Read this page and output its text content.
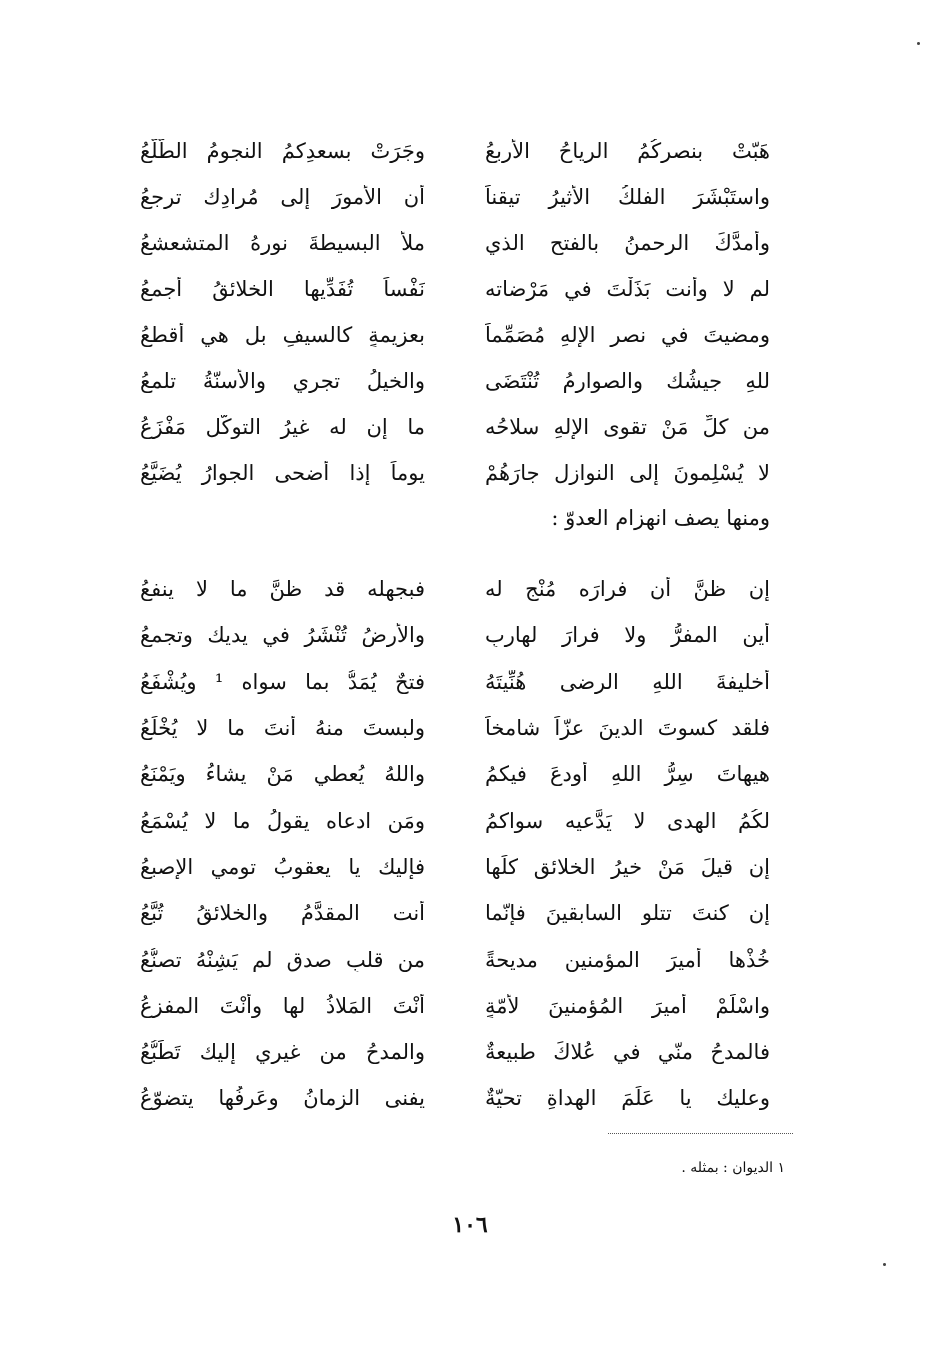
هَبّتْ بنصرِكُمُ الرياحُ الأربعُ
وجَرَتْ بسعدِكمُ النجومُ الطُّلَّعُ
واستَبْشَرَ الفلكُ الأثيرُ تيقناً
أن الأمورَ إلى مُرادِك ترجعُ
وأمدَّكَ الرحمنُ بالفتحِ الذي
ملأَ البسيطةَ نورهُ المتشعشعُ
لم لا وأنت بَذَلْتَ في مَرْضاته
نَفْساً تُفَدِّيها الخلائقُ أجمعُ
ومضيتَ في نصرِ الإلهِ مُصَمِّماً
بعزيمةٍ كالسيفِ بل هي أقطعُ
للهِ جيشُك والصوارمُ تُنْتَضَى
والخيلُ تجري والأسنّةُ تلمعُ
من كلِّ مَنْ تقوى الإلهِ سلاحُه
ما إن له غيرُ التوكّلِ مَفْزَعُ
لا يُسْلِمونَ إلى النوازلِ جارَهُمْ
يوماً إذا أضحى الجوارُ يُضَيَّعُ
ومنها يصف انهزام العدوّ :
إن ظنَّ أن فرارَه مُنْجٍ له
فبجهله قد ظنَّ ما لا ينفعُ
أين المفرُّ ولا فرارَ لهاربٍ
والأرضُ تُنْشَرُ في يديك وتجمعُ
أخليفةَ اللهِ الرضى هُنِّيتَهُ
فتحٌ يُمَدُّ بما سواه ¹ ويُشْفَعُ
فلقد كسوتَ الدينَ عزّاً شامخاً
ولبستَ منهُ أنتَ ما لا يُخْلَعُ
هيهاتَ سِرُّ اللهِ أودعَ فيكمُ
واللهُ يُعطي مَنْ يشاءُ ويَمْنَعُ
لكُمُ الهدى لا يَدَّعيه سواكمُ
ومَنِ ادعاه يقولُ ما لا يُسْمَعُ
إن قيلَ مَنْ خيرُ الخلائقِ كلِّها
فإليك يا يعقوبُ تومي الإصبعُ
إن كنتَ تتلو السابقينَ فإنّما
أنت المقدَّمُ والخلائقُ تُبَّعُ
خُذْها أميرَ المؤمنين مديحةً
من قلبِ صدقٍ لم يَشِنْهُ تصنُّعُ
واسْلَمْ أميرَ المُؤمنينَ لأمّةٍ
أنْتَ المَلاذُ لها وأنْتَ المفزعُ
فالمدحُ منّي في عُلاكَ طبيعةٌ
والمدحُ من غيري إليك تَطَبُّعُ
وعليك يا عَلَمَ الهداةِ تحيّةٌ
يفنى الزمانُ وعَرفُها يتضوّعُ
١ الديوان : بمثله .
١٠٦
